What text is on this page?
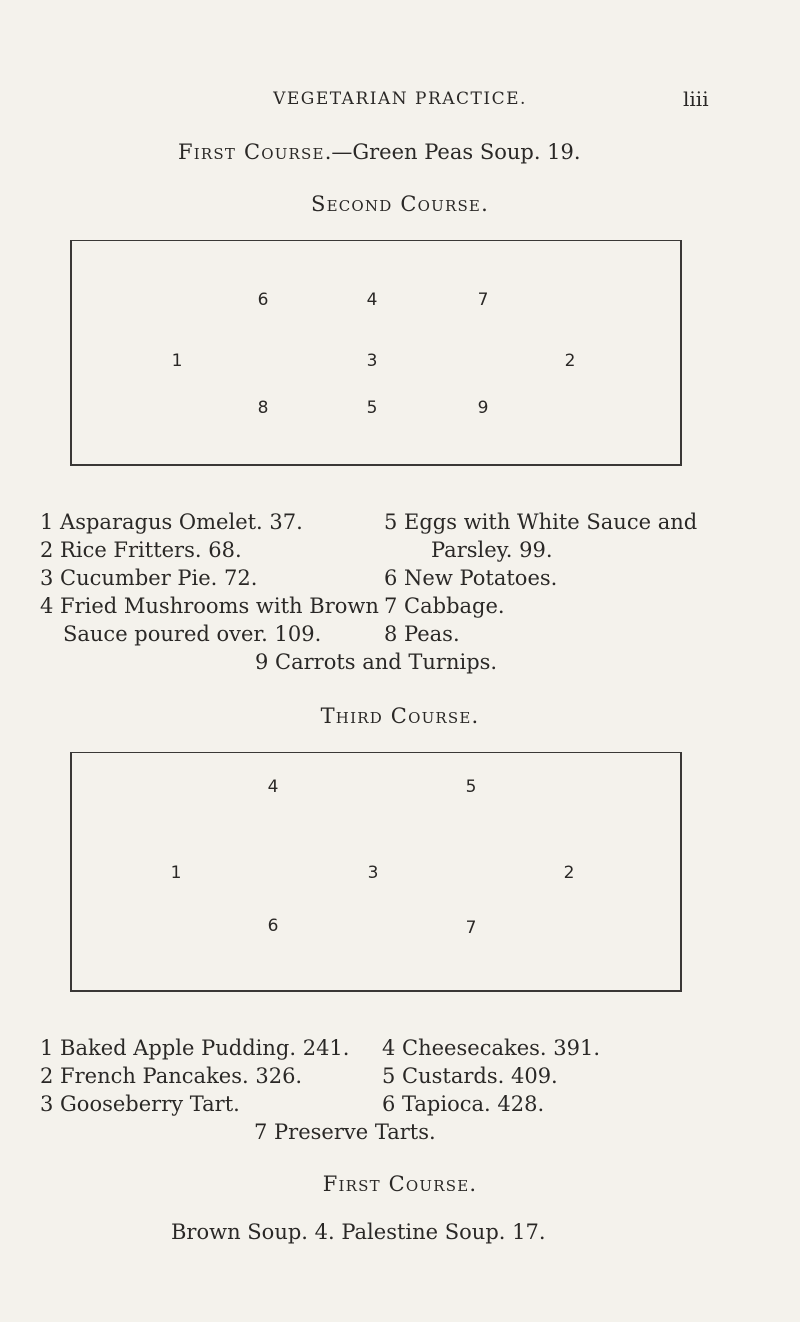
VEGETARIAN PRACTICE.	liii
First Course.—Green Peas Soup. 19.
Second Course.
6	4	7
1	3	2
8	5	9
1 Asparagus Omelet. 37.
2 Rice Fritters. 68.
3 Cucumber Pie. 72.
4 Fried Mushrooms with Brown
Sauce poured over. 109.
5 Eggs with White Sauce and
Parsley. 99.
6 New Potatoes.
7 Cabbage.
8 Peas.
9 Carrots and Turnips.
Third Course.
4	5
1	3	2
6	7
1 Baked Apple Pudding. 241.
2 French Pancakes. 326.
3 Gooseberry Tart.
4 Cheesecakes. 391.
5 Custards. 409.
6 Tapioca. 428.
7 Preserve Tarts.
First Course.
Brown Soup. 4. Palestine Soup. 17.
